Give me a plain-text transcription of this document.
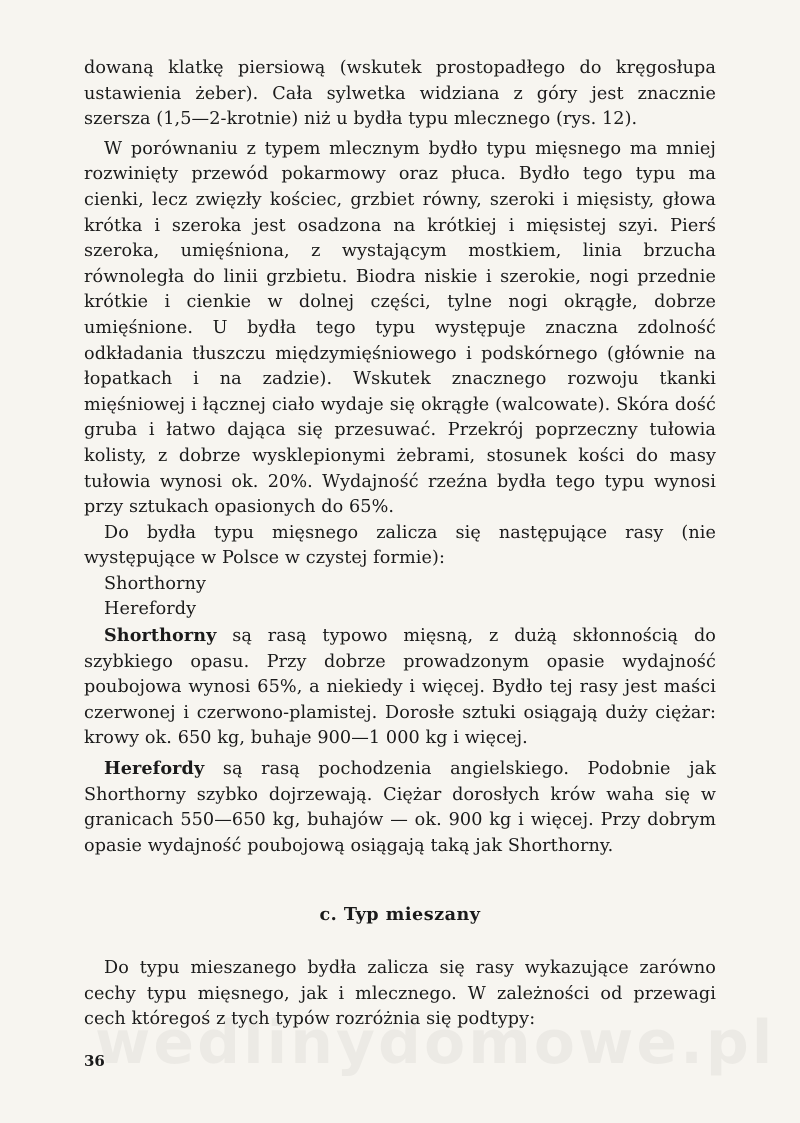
dowaną klatkę piersiową (wskutek prostopadłego do kręgosłupa ustawienia żeber). Cała sylwetka widziana z góry jest znacznie szersza (1,5—2-krotnie) niż u bydła typu mlecznego (rys. 12).

W porównaniu z typem mlecznym bydło typu mięsnego ma mniej rozwinięty przewód pokarmowy oraz płuca. Bydło tego typu ma cienki, lecz zwięzły kościec, grzbiet równy, szeroki i mięsisty, głowa krótka i szeroka jest osadzona na krótkiej i mięsistej szyi. Pierś szeroka, umięśniona, z wystającym mostkiem, linia brzucha równoległa do linii grzbietu. Biodra niskie i szerokie, nogi przednie krótkie i cienkie w dolnej części, tylne nogi okrągłe, dobrze umięśnione. U bydła tego typu występuje znaczna zdolność odkładania tłuszczu międzymięśniowego i podskórnego (głównie na łopatkach i na zadzie). Wskutek znacznego rozwoju tkanki mięśniowej i łącznej ciało wydaje się okrągłe (walcowate). Skóra dość gruba i łatwo dająca się przesuwać. Przekrój poprzeczny tułowia kolisty, z dobrze wysklepionymi żebrami, stosunek kości do masy tułowia wynosi ok. 20%. Wydajność rzeźna bydła tego typu wynosi przy sztukach opasionych do 65%.

Do bydła typu mięsnego zalicza się następujące rasy (nie występujące w Polsce w czystej formie):

Shorthorny

Herefordy

Shorthorny są rasą typowo mięsną, z dużą skłonnością do szybkiego opasu. Przy dobrze prowadzonym opasie wydajność poubojowa wynosi 65%, a niekiedy i więcej. Bydło tej rasy jest maści czerwonej i czerwono-plamistej. Dorosłe sztuki osiągają duży ciężar: krowy ok. 650 kg, buhaje 900—1 000 kg i więcej.

Herefordy są rasą pochodzenia angielskiego. Podobnie jak Shorthorny szybko dojrzewają. Ciężar dorosłych krów waha się w granicach 550—650 kg, buhajów — ok. 900 kg i więcej. Przy dobrym opasie wydajność poubojową osiągają taką jak Shorthorny.

c. Typ mieszany

Do typu mieszanego bydła zalicza się rasy wykazujące zarówno cechy typu mięsnego, jak i mlecznego. W zależności od przewagi cech któregoś z tych typów rozróżnia się podtypy:

36
